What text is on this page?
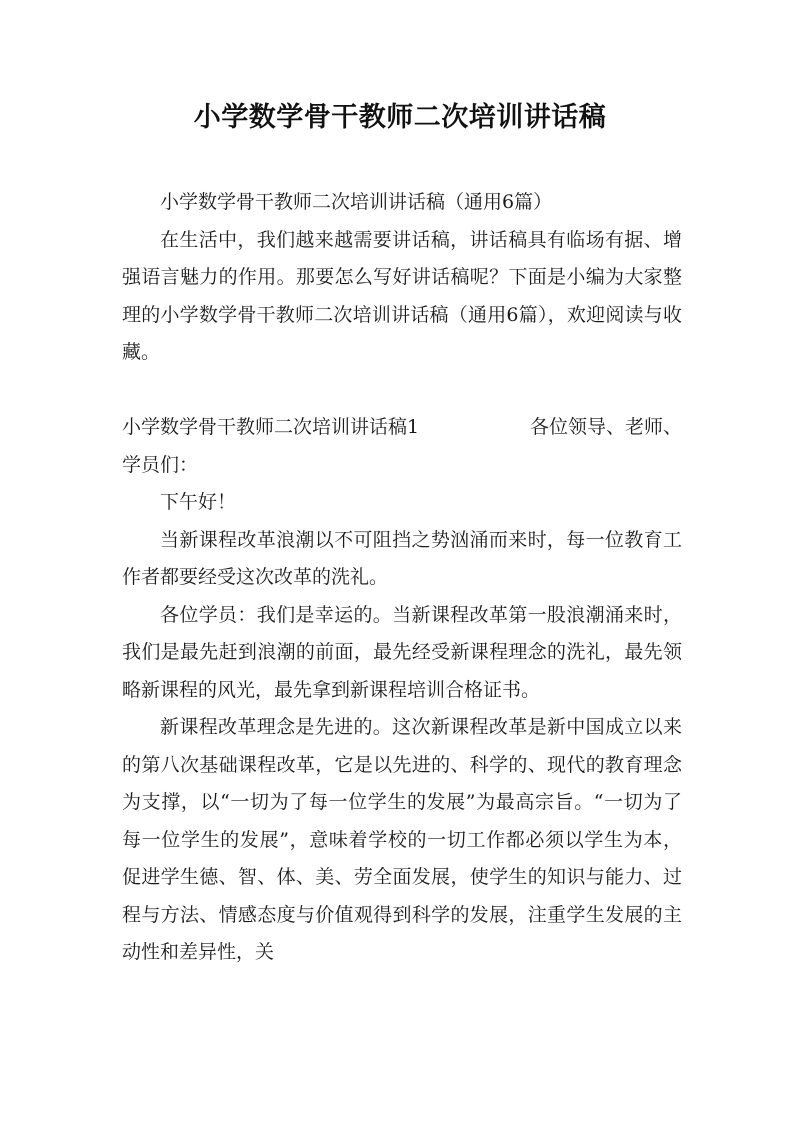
小学数学骨干教师二次培训讲话稿

小学数学骨干教师二次培训讲话稿（通用6篇）

在生活中，我们越来越需要讲话稿，讲话稿具有临场有据、增强语言魅力的作用。那要怎么写好讲话稿呢？下面是小编为大家整理的小学数学骨干教师二次培训讲话稿（通用6篇），欢迎阅读与收藏。

小学数学骨干教师二次培训讲话稿1	各位领导、老师、

学员们：

下午好！

当新课程改革浪潮以不可阻挡之势汹涌而来时，每一位教育工作者都要经受这次改革的洗礼。

各位学员：我们是幸运的。当新课程改革第一股浪潮涌来时，我们是最先赶到浪潮的前面，最先经受新课程理念的洗礼，最先领略新课程的风光，最先拿到新课程培训合格证书。

新课程改革理念是先进的。这次新课程改革是新中国成立以来的第八次基础课程改革，它是以先进的、科学的、现代的教育理念为支撑，以“一切为了每一位学生的发展”为最高宗旨。“一切为了每一位学生的发展”，意味着学校的一切工作都必须以学生为本，促进学生德、智、体、美、劳全面发展，使学生的知识与能力、过程与方法、情感态度与价值观得到科学的发展，注重学生发展的主动性和差异性，关
